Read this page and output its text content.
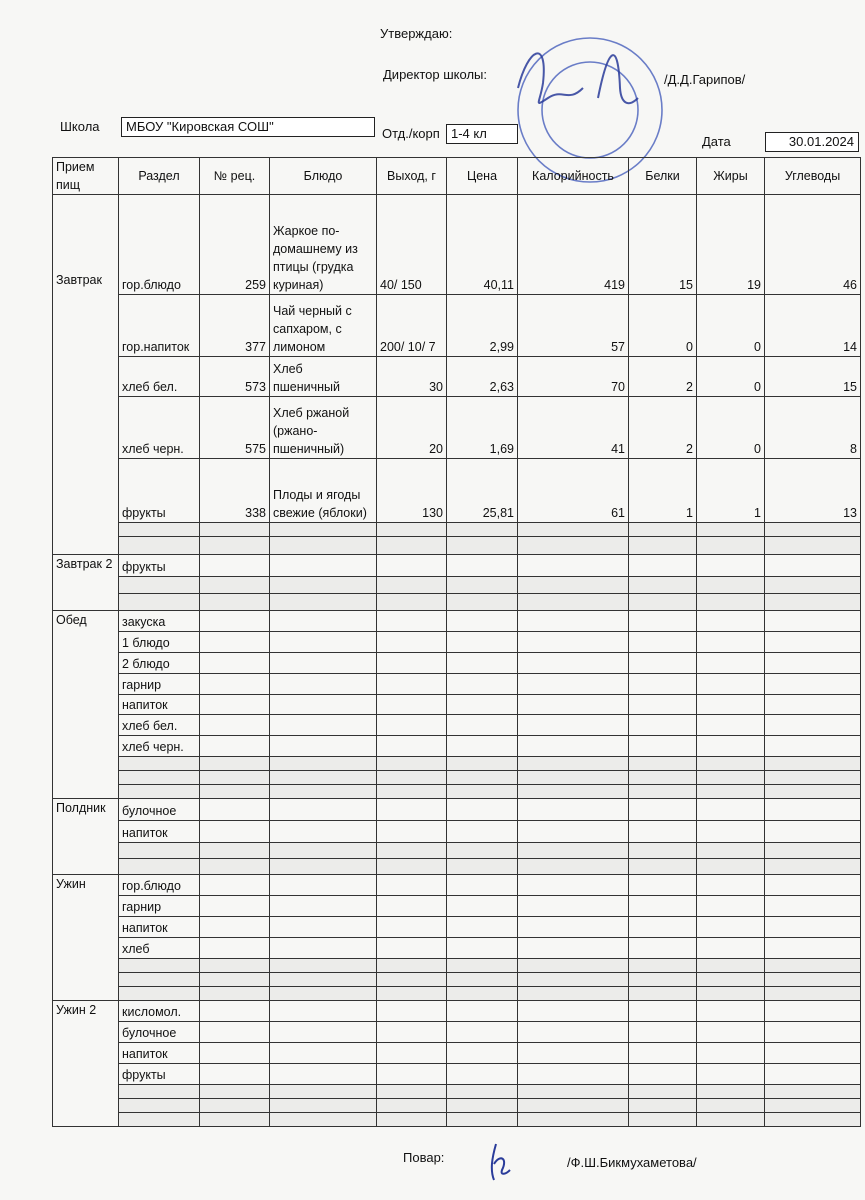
Утверждаю:
Директор школы:	/Д.Д.Гарипов/
Школа	МБОУ "Кировская СОШ"	Отд./корп 1-4 кл
Дата	30.01.2024
Прием пищ	Раздел	№ рец.	Блюдо	Выход, г	Цена	Калорийность	Белки	Жиры	Углеводы
Завтрак	гор.блюдо	259	Жаркое по-домашнему из птицы (грудка куриная)	40/ 150	40,11	419	15	19	46
	гор.напиток	377	Чай черный с сапхаром, с лимоном	200/ 10/ 7	2,99	57	0	0	14
	хлеб бел.	573	Хлеб пшеничный	30	2,63	70	2	0	15
	хлеб черн.	575	Хлеб ржаной (ржано-пшеничный)	20	1,69	41	2	0	8
	фрукты	338	Плоды и ягоды свежие (яблоки)	130	25,81	61	1	1	13

Завтрак 2	фрукты								

Обед	закуска								
	1 блюдо								
	2 блюдо								
	гарнир								
	напиток								
	хлеб бел.								
	хлеб черн.								

Полдник	булочное								
	напиток								

Ужин	гор.блюдо								
	гарнир								
	напиток								
	хлеб								

Ужин 2	кисломол.								
	булочное								
	напиток								
	фрукты								

Повар:	/Ф.Ш.Бикмухаметова/
